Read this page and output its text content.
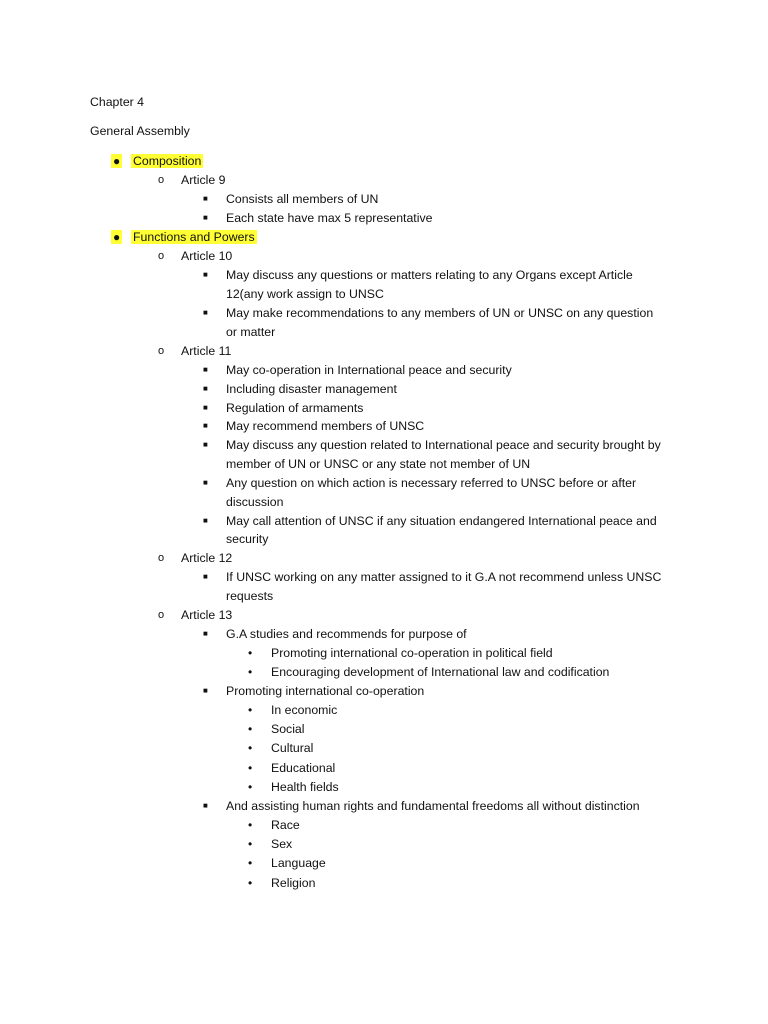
Chapter 4
General Assembly
● Composition
o Article 9
■ Consists all members of UN
■ Each state have max 5 representative
● Functions and Powers
o Article 10
■ May discuss any questions or matters relating to any Organs except Article
12(any work assign to UNSC
■ May make recommendations to any members of UN or UNSC on any question
or matter
o Article 11
■ May co-operation in International peace and security
■ Including disaster management
■ Regulation of armaments
■ May recommend members of UNSC
■ May discuss any question related to International peace and security brought by
member of UN or UNSC or any state not member of UN
■ Any question on which action is necessary referred to UNSC before or after
discussion
■ May call attention of UNSC if any situation endangered International peace and
security
o Article 12
■ If UNSC working on any matter assigned to it G.A not recommend unless UNSC
requests
o Article 13
■ G.A studies and recommends for purpose of
• Promoting international co-operation in political field
• Encouraging development of International law and codification
■ Promoting international co-operation
• In economic
• Social
• Cultural
• Educational
• Health fields
■ And assisting human rights and fundamental freedoms all without distinction
• Race
• Sex
• Language
• Religion
